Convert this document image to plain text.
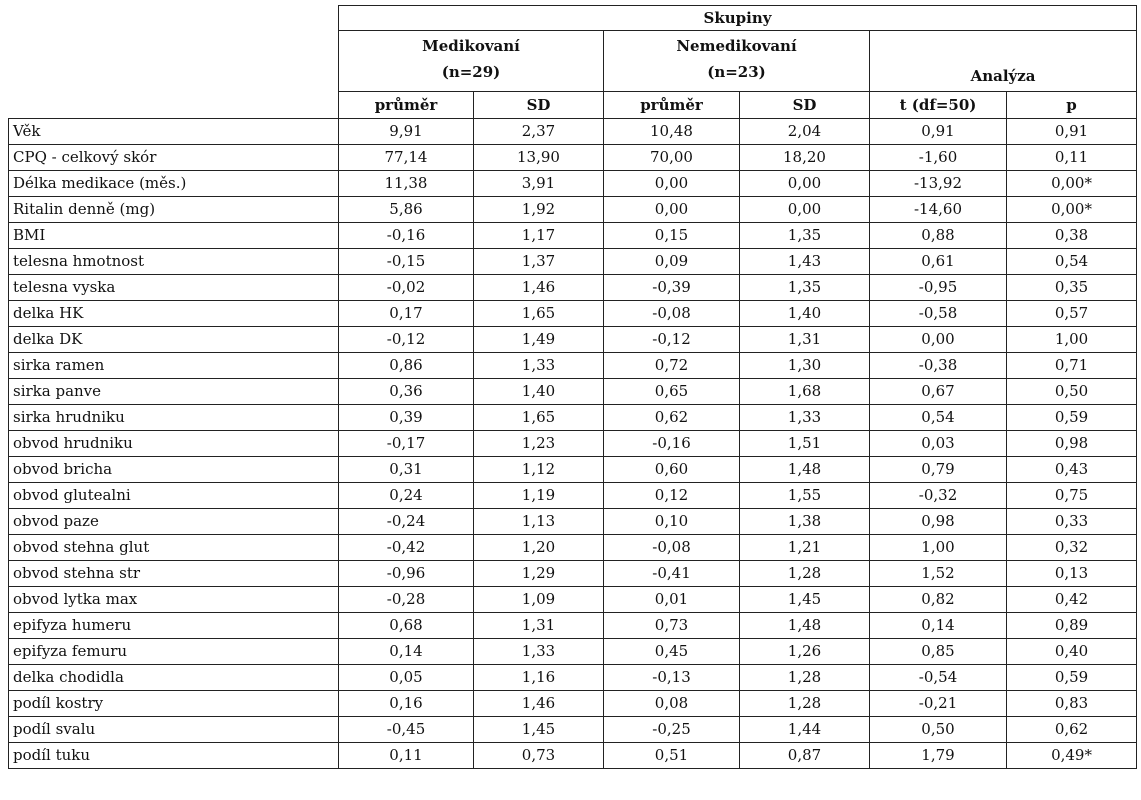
	Skupiny					

	Medikovaní
(n=29)		Nemedikovaní
(n=23)		Analýza	
	průměr	SD	průměr	SD	t (df=50)	p
Věk	9,91	2,37	10,48	2,04	0,91	0,91
CPQ - celkový skór	77,14	13,90	70,00	18,20	-1,60	0,11
Délka medikace (měs.)	11,38	3,91	0,00	0,00	-13,92	0,00*
Ritalin denně (mg)	5,86	1,92	0,00	0,00	-14,60	0,00*
BMI	-0,16	1,17	0,15	1,35	0,88	0,38
telesna hmotnost	-0,15	1,37	0,09	1,43	0,61	0,54
telesna vyska	-0,02	1,46	-0,39	1,35	-0,95	0,35
delka HK	0,17	1,65	-0,08	1,40	-0,58	0,57
delka DK	-0,12	1,49	-0,12	1,31	0,00	1,00
sirka ramen	0,86	1,33	0,72	1,30	-0,38	0,71
sirka panve	0,36	1,40	0,65	1,68	0,67	0,50
sirka hrudniku	0,39	1,65	0,62	1,33	0,54	0,59
obvod hrudniku	-0,17	1,23	-0,16	1,51	0,03	0,98
obvod bricha	0,31	1,12	0,60	1,48	0,79	0,43
obvod glutealni	0,24	1,19	0,12	1,55	-0,32	0,75
obvod paze	-0,24	1,13	0,10	1,38	0,98	0,33
obvod stehna glut	-0,42	1,20	-0,08	1,21	1,00	0,32
obvod stehna str	-0,96	1,29	-0,41	1,28	1,52	0,13
obvod lytka max	-0,28	1,09	0,01	1,45	0,82	0,42
epifyza humeru	0,68	1,31	0,73	1,48	0,14	0,89
epifyza femuru	0,14	1,33	0,45	1,26	0,85	0,40
delka chodidla	0,05	1,16	-0,13	1,28	-0,54	0,59
podíl kostry	0,16	1,46	0,08	1,28	-0,21	0,83
podíl svalu	-0,45	1,45	-0,25	1,44	0,50	0,62
podíl tuku	0,11	0,73	0,51	0,87	1,79	0,49*
